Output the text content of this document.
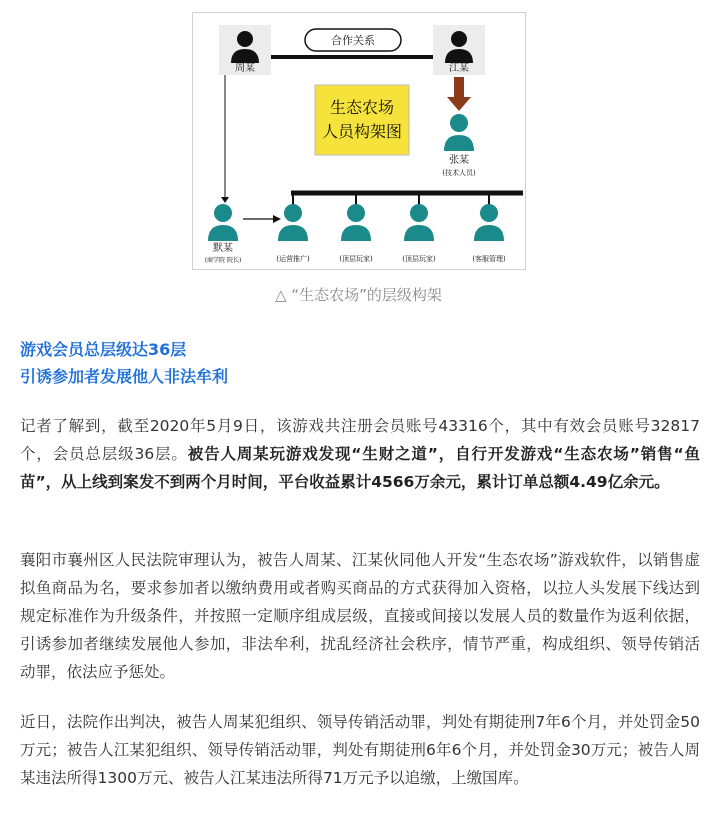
周某	江某
合作关系
生态农场
人员构架图
张某
(技术人员)
默某
(商学院 院长)	(运营推广)	(顶层玩家)	(顶层玩家)	(客服管理)
△ “生态农场”的层级构架
游戏会员总层级达36层
引诱参加者发展他人非法牟利
记者了解到，截至2020年5月9日，该游戏共注册会员账号43316个，其中有效会员账号32817个，会员总层级36层。被告人周某玩游戏发现“生财之道”，自行开发游戏“生态农场”销售“鱼苗”，从上线到案发不到两个月时间，平台收益累计4566万余元，累计订单总额4.49亿余元。
襄阳市襄州区人民法院审理认为，被告人周某、江某伙同他人开发“生态农场”游戏软件，以销售虚拟鱼商品为名，要求参加者以缴纳费用或者购买商品的方式获得加入资格，以拉人头发展下线达到规定标准作为升级条件，并按照一定顺序组成层级，直接或间接以发展人员的数量作为返利依据，引诱参加者继续发展他人参加，非法牟利，扰乱经济社会秩序，情节严重，构成组织、领导传销活动罪，依法应予惩处。
近日，法院作出判决，被告人周某犯组织、领导传销活动罪，判处有期徒刑7年6个月，并处罚金50万元；被告人江某犯组织、领导传销活动罪，判处有期徒刑6年6个月，并处罚金30万元；被告人周某违法所得1300万元、被告人江某违法所得71万元予以追缴，上缴国库。
